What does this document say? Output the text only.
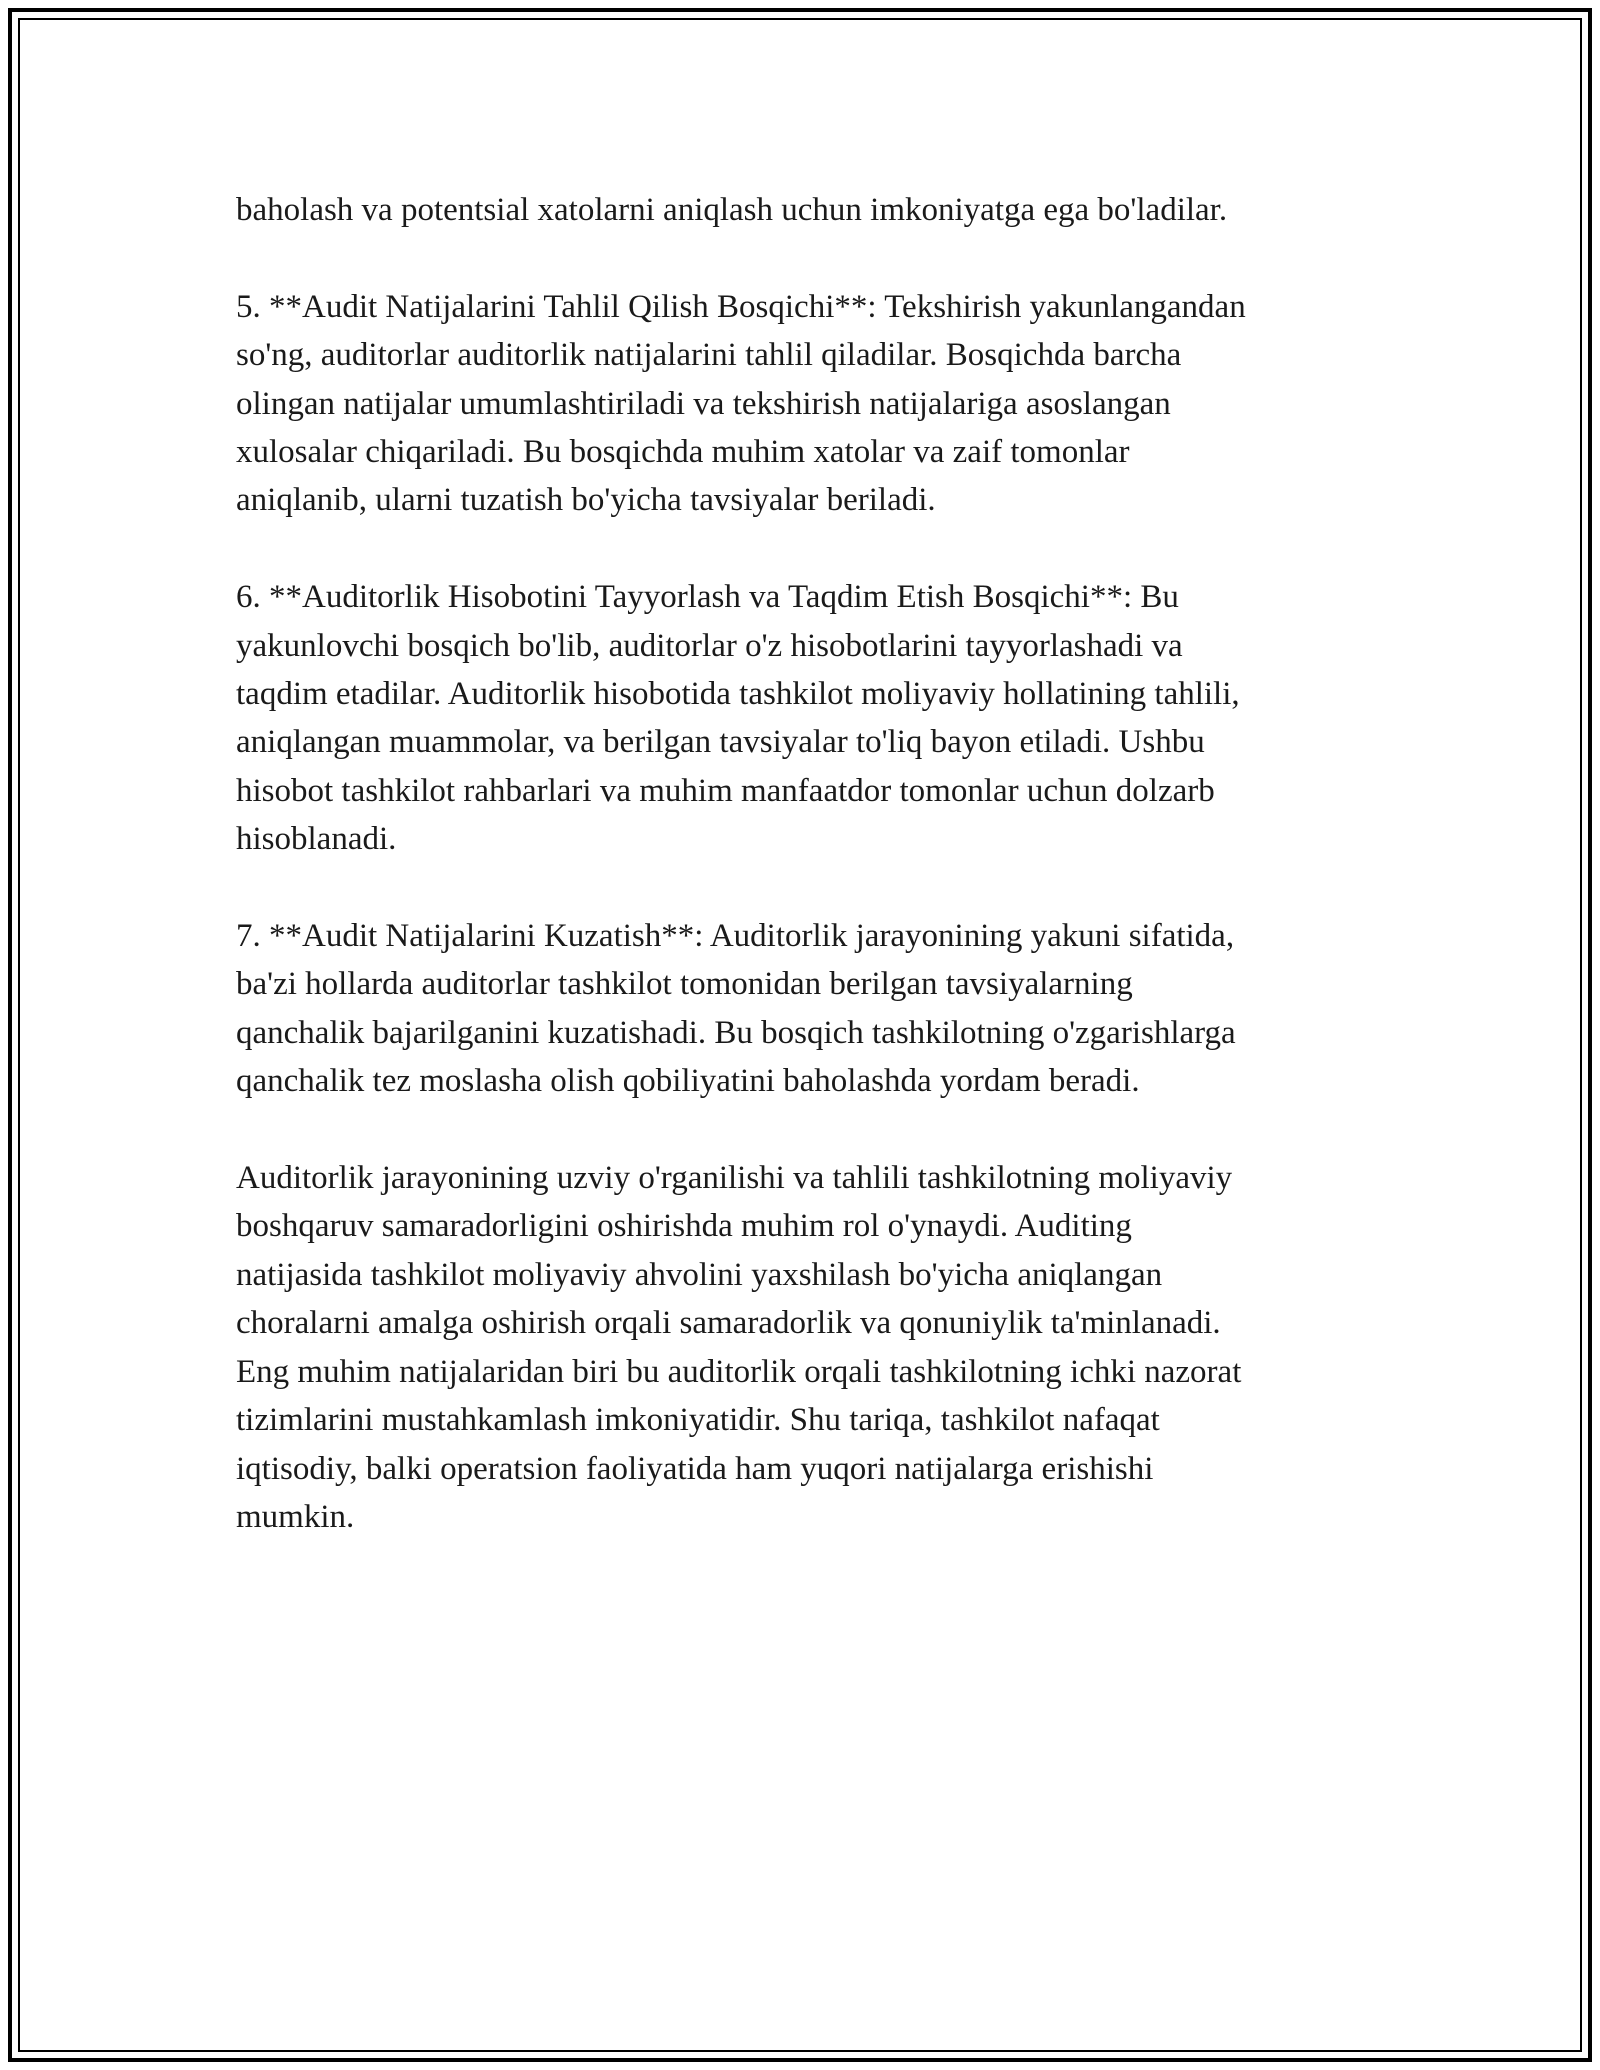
baholash va potentsial xatolarni aniqlash uchun imkoniyatga ega bo'ladilar.

5. **Audit Natijalarini Tahlil Qilish Bosqichi**: Tekshirish yakunlangandan
so'ng, auditorlar auditorlik natijalarini tahlil qiladilar. Bosqichda barcha
olingan natijalar umumlashtiriladi va tekshirish natijalariga asoslangan
xulosalar chiqariladi. Bu bosqichda muhim xatolar va zaif tomonlar
aniqlanib, ularni tuzatish bo'yicha tavsiyalar beriladi.

6. **Auditorlik Hisobotini Tayyorlash va Taqdim Etish Bosqichi**: Bu
yakunlovchi bosqich bo'lib, auditorlar o'z hisobotlarini tayyorlashadi va
taqdim etadilar. Auditorlik hisobotida tashkilot moliyaviy hollatining tahlili,
aniqlangan muammolar, va berilgan tavsiyalar to'liq bayon etiladi. Ushbu
hisobot tashkilot rahbarlari va muhim manfaatdor tomonlar uchun dolzarb
hisoblanadi.

7. **Audit Natijalarini Kuzatish**: Auditorlik jarayonining yakuni sifatida,
ba'zi hollarda auditorlar tashkilot tomonidan berilgan tavsiyalarning
qanchalik bajarilganini kuzatishadi. Bu bosqich tashkilotning o'zgarishlarga
qanchalik tez moslasha olish qobiliyatini baholashda yordam beradi.

Auditorlik jarayonining uzviy o'rganilishi va tahlili tashkilotning moliyaviy
boshqaruv samaradorligini oshirishda muhim rol o'ynaydi. Auditing
natijasida tashkilot moliyaviy ahvolini yaxshilash bo'yicha aniqlangan
choralarni amalga oshirish orqali samaradorlik va qonuniylik ta'minlanadi.
Eng muhim natijalaridan biri bu auditorlik orqali tashkilotning ichki nazorat
tizimlarini mustahkamlash imkoniyatidir. Shu tariqa, tashkilot nafaqat
iqtisodiy, balki operatsion faoliyatida ham yuqori natijalarga erishishi
mumkin.
